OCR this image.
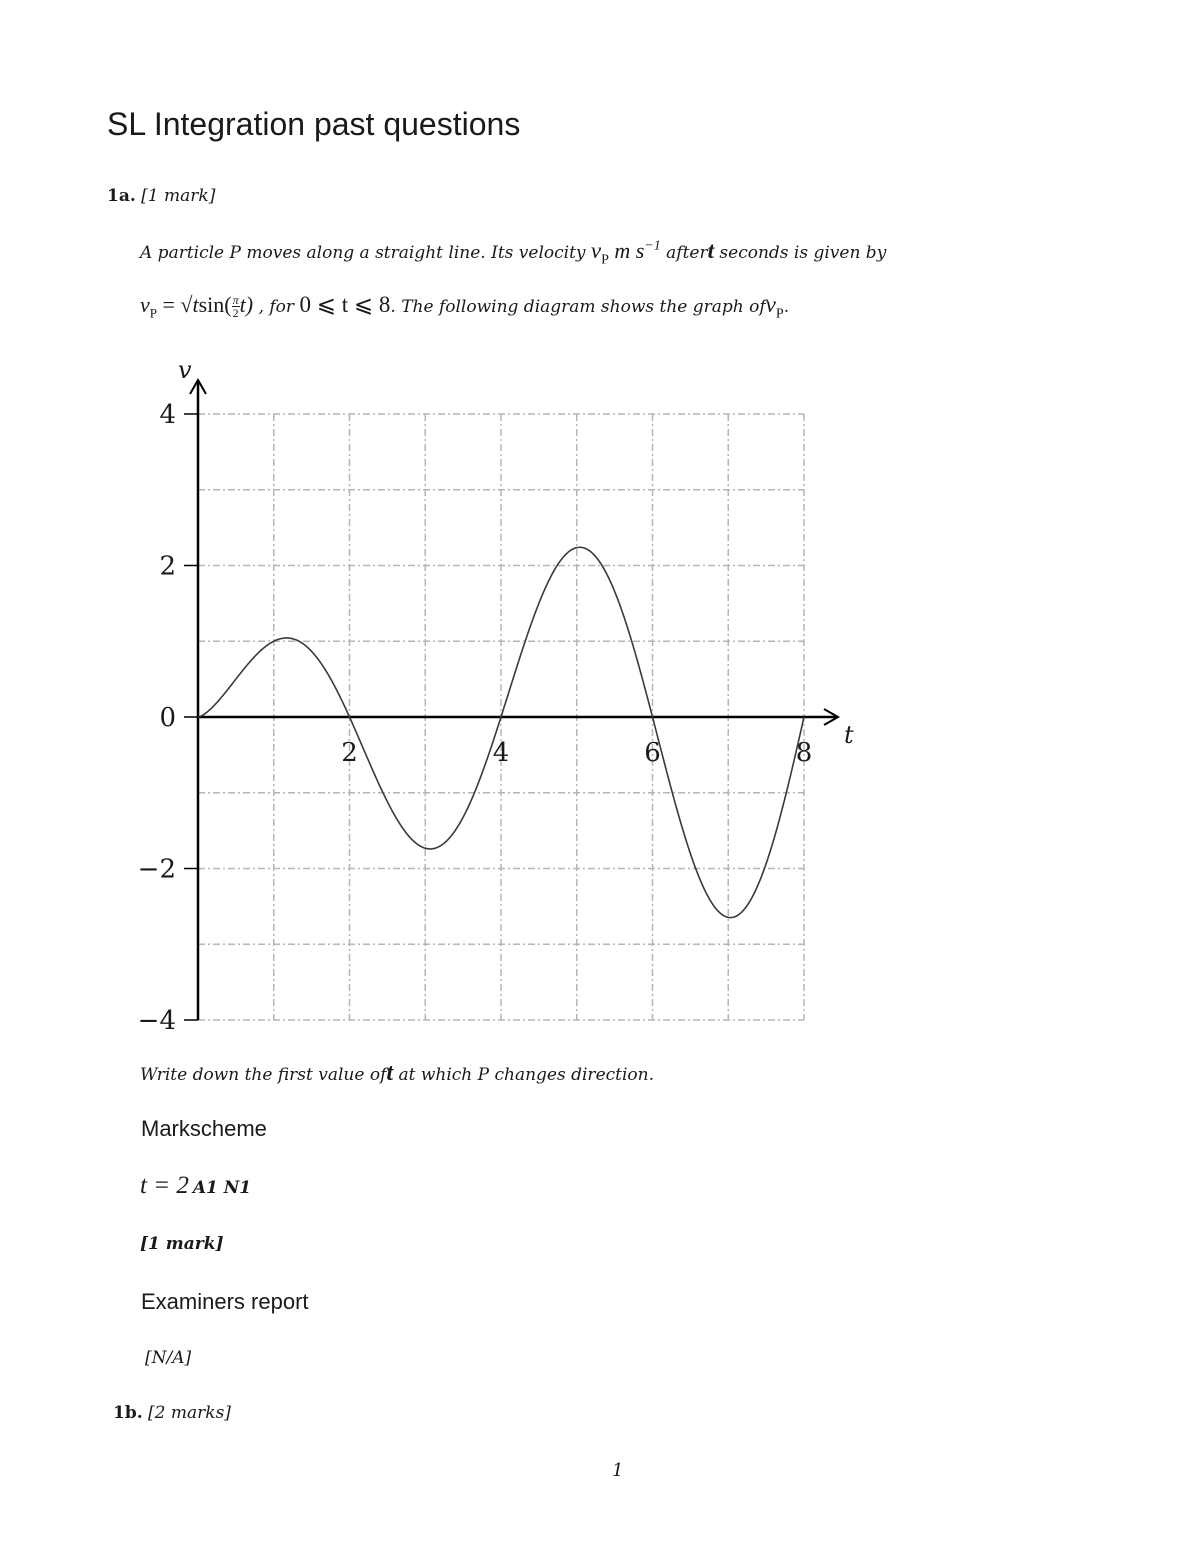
SL Integration past questions
1a. [1 mark]
A particle P moves along a straight line. Its velocity $v_P$ m $s^{-1}$ aftert seconds is given by
$v_P = √tsin( \frac{\pi}{2} t)$ , for 0 ⩽ t ⩽ 8. The following diagram shows the graph ofv$_P$.
−4
−2
0
2
4
2	4	6	8
t
v
Write down the first value oft at which P changes direction.
Markscheme
t = 2 A1 N1
[1 mark]
Examiners report
[N/A]
1b. [2 marks]
1
